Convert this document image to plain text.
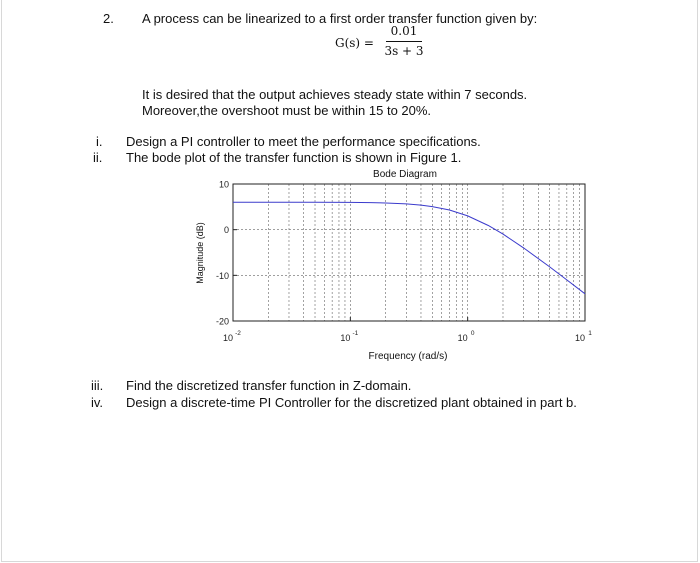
2. A process can be linearized to a first order transfer function given by:
G(s) =
0.01
3s + 3
It is desired that the output achieves steady state within 7 seconds.
Moreover,the overshoot must be within 15 to 20%.
i. Design a PI controller to meet the performance specifications.
ii. The bode plot of the transfer function is shown in Figure 1.
Bode Diagram
Magnitude (dB)
Frequency (rad/s)
10
0
-10
-20
10 -2	10 -1	10 0	10 1
iii. Find the discretized transfer function in Z-domain.
iv. Design a discrete-time PI Controller for the discretized plant obtained in part b.
